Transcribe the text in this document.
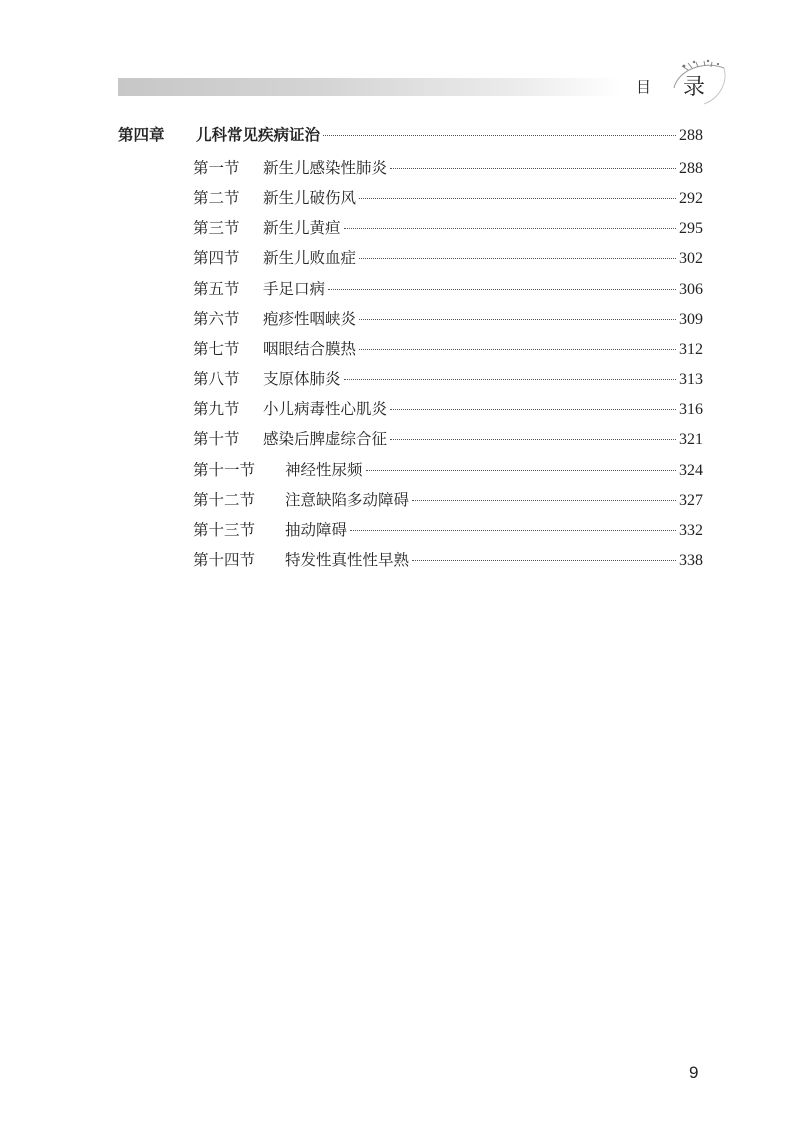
目 录
第四章	儿科常见疾病证治	288
第一节	新生儿感染性肺炎	288
第二节	新生儿破伤风	292
第三节	新生儿黄疸	295
第四节	新生儿败血症	302
第五节	手足口病	306
第六节	疱疹性咽峡炎	309
第七节	咽眼结合膜热	312
第八节	支原体肺炎	313
第九节	小儿病毒性心肌炎	316
第十节	感染后脾虚综合征	321
第十一节	神经性尿频	324
第十二节	注意缺陷多动障碍	327
第十三节	抽动障碍	332
第十四节	特发性真性性早熟	338
9
